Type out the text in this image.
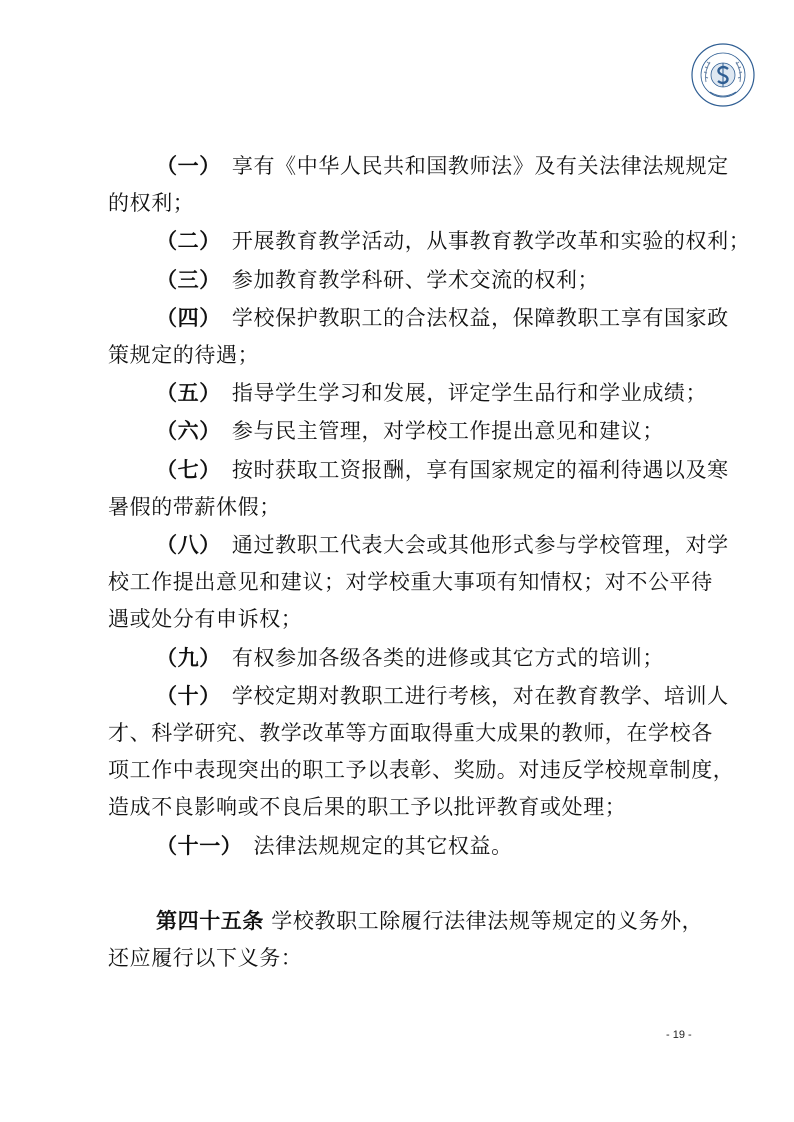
（一）  享有《中华人民共和国教师法》及有关法律法规规定
的权利；
（二）  开展教育教学活动，从事教育教学改革和实验的权利；
（三）  参加教育教学科研、学术交流的权利；
（四）  学校保护教职工的合法权益，保障教职工享有国家政
策规定的待遇；
（五）  指导学生学习和发展，评定学生品行和学业成绩；
（六）  参与民主管理，对学校工作提出意见和建议；
（七）  按时获取工资报酬，享有国家规定的福利待遇以及寒
暑假的带薪休假；
（八）  通过教职工代表大会或其他形式参与学校管理，对学
校工作提出意见和建议；对学校重大事项有知情权；对不公平待
遇或处分有申诉权；
（九）  有权参加各级各类的进修或其它方式的培训；
（十）  学校定期对教职工进行考核，对在教育教学、培训人
才、科学研究、教学改革等方面取得重大成果的教师，在学校各
项工作中表现突出的职工予以表彰、奖励。对违反学校规章制度，
造成不良影响或不良后果的职工予以批评教育或处理；
（十一）  法律法规规定的其它权益。
第四十五条 学校教职工除履行法律法规等规定的义务外，
还应履行以下义务：
- 19 -
